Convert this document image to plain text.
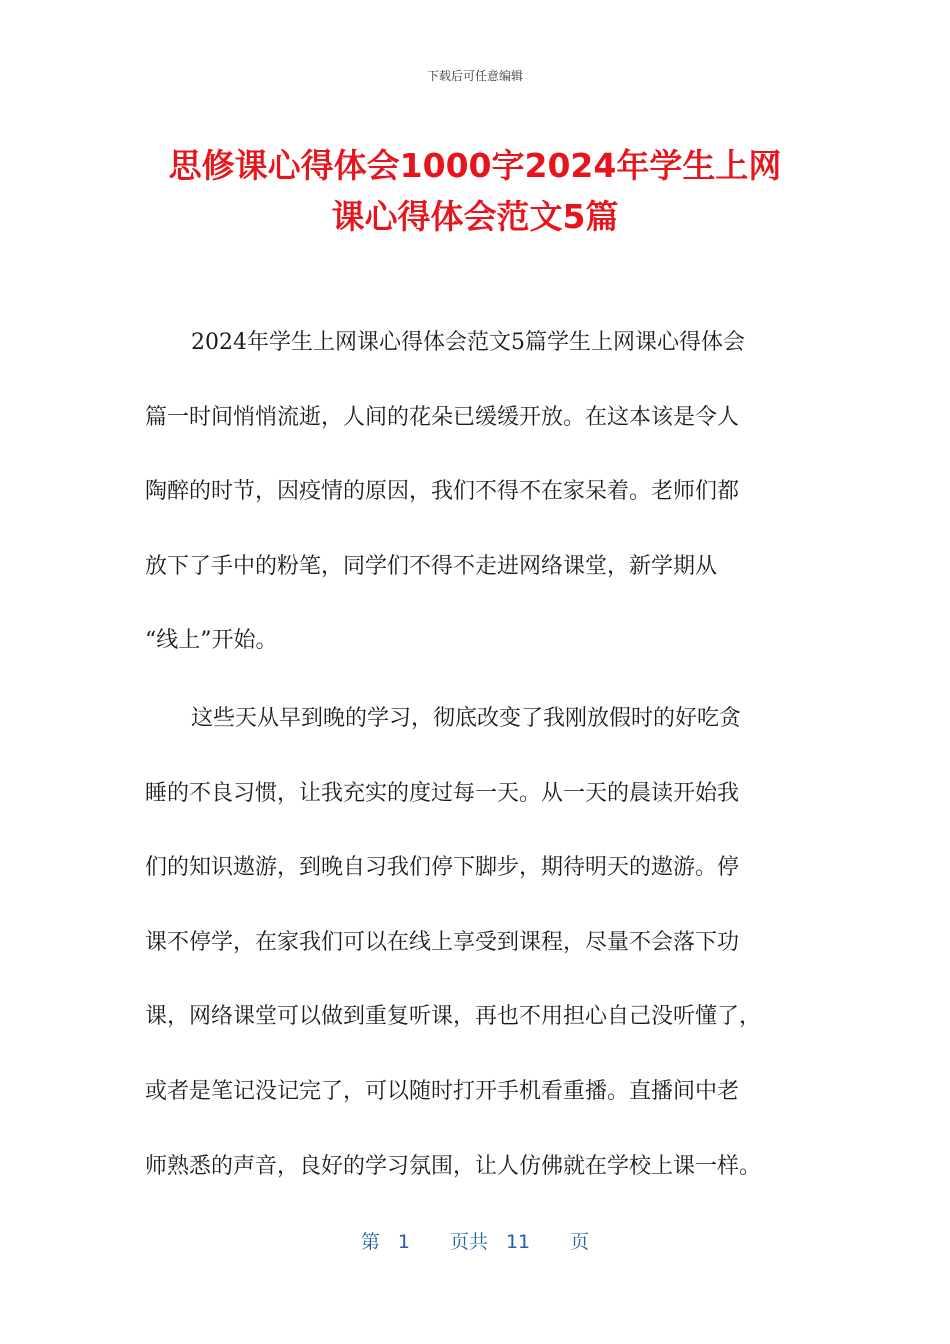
下载后可任意编辑
思修课心得体会1000字2024年学生上网
课心得体会范文5篇
2024年学生上网课心得体会范文5篇学生上网课心得体会
篇一时间悄悄流逝，人间的花朵已缓缓开放。在这本该是令人
陶醉的时节，因疫情的原因，我们不得不在家呆着。老师们都
放下了手中的粉笔，同学们不得不走进网络课堂，新学期从
“线上”开始。
这些天从早到晚的学习，彻底改变了我刚放假时的好吃贪
睡的不良习惯，让我充实的度过每一天。从一天的晨读开始我
们的知识遨游，到晚自习我们停下脚步，期待明天的遨游。停
课不停学，在家我们可以在线上享受到课程，尽量不会落下功
课，网络课堂可以做到重复听课，再也不用担心自己没听懂了，
或者是笔记没记完了，可以随时打开手机看重播。直播间中老
师熟悉的声音，良好的学习氛围，让人仿佛就在学校上课一样。
第 1 页共 11 页
